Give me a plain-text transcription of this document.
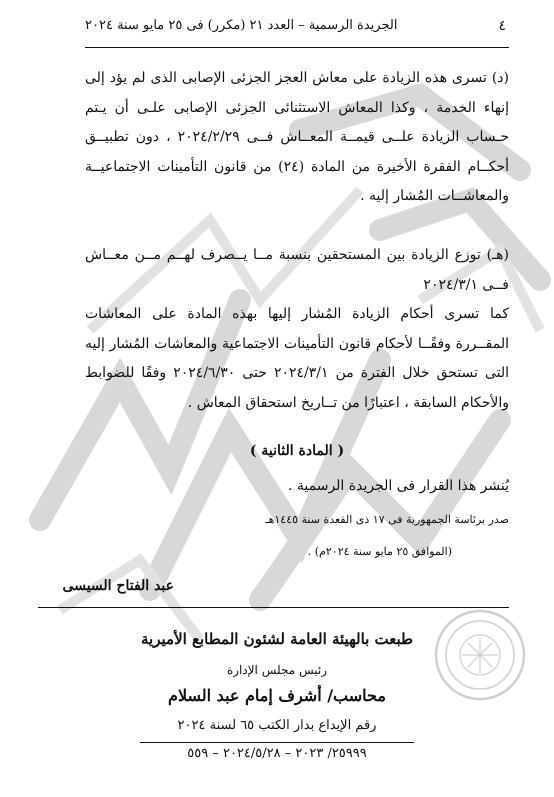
٤
الجريدة الرسمية – العدد ٢١ (مكرر) فى ٢٥ مايو سنة ٢٠٢٤
(د) تسرى هذه الزيادة على معاش العجز الجزئى الإصابى الذى لم يؤد إلى إنهاء الخدمة ، وكذا المعاش الاستثنائى الجزئى الإصابى علـى أن يـتم حـساب الزيادة علــى قيمــة المعــاش فــى ٢٠٢٤/٢/٢٩ ، دون تطبيــق أحكــام الفقرة الأخيرة من المادة (٢٤) من قانون التأمينات الاجتماعيــة والمعاشــات المُشار إليه .
(هـ) توزع الزيادة بين المستحقين بنسبة مــا يــصرف لهــم مــن معــاش فــى ٢٠٢٤/٣/١
كما تسرى أحكام الزيادة المُشار إليها بهذه المادة على المعاشات المقــررة وفقًــا لأحكام قانون التأمينات الاجتماعية والمعاشات المُشار إليه التى تستحق خلال الفترة من ٢٠٢٤/٣/١ حتى ٢٠٢٤/٦/٣٠ وفقًا للضوابط والأحكام السابقة ، اعتبارًا من تــاريخ استحقاق المعاش .
( المادة الثانية )
يُنشر هذا القرار فى الجريدة الرسمية .
صدر برئاسة الجمهورية فى ١٧ ذى القعدة سنة ١٤٤٥هـ
(الموافق ٢٥ مايو سنة ٢٠٢٤م) .
عبد الفتاح السيسى
طبعت بالهيئة العامة لشئون المطابع الأميرية
رئيس مجلس الإدارة
محاسب/ أشرف إمام عبد السلام
رقم الإيداع بدار الكتب ٦٥ لسنة ٢٠٢٤
٢٥٩٩٩/ ٢٠٢٣ – ٢٠٢٤/٥/٢٨ – ٥٥٩
